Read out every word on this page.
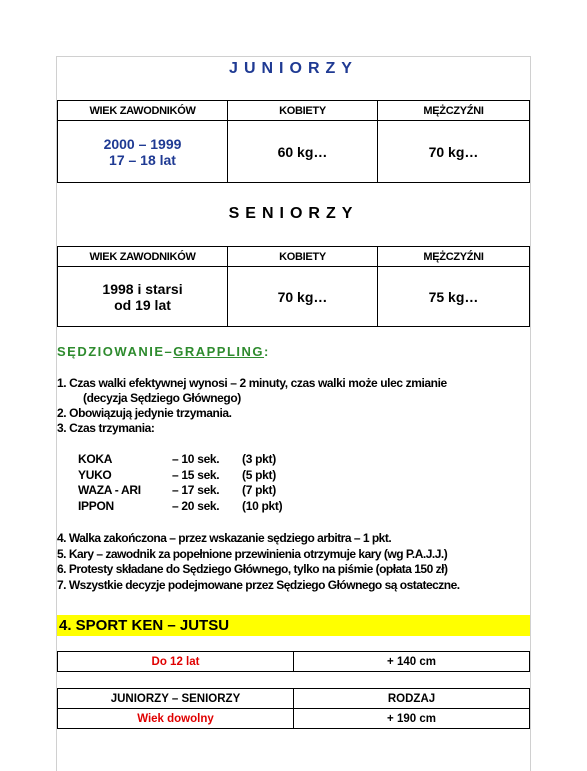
JUNIORZY
WIEK ZAWODNIKÓW	KOBIETY	MĘŻCZYŹNI

2000 – 1999
17 – 18 lat	60 kg…	70 kg…
SENIORZY
WIEK ZAWODNIKÓW	KOBIETY	MĘŻCZYŹNI

1998 i starsi
od 19 lat	70 kg…	75 kg…
SĘDZIOWANIE–GRAPPLING:
1. Czas walki efektywnej wynosi – 2 minuty, czas walki może ulec zmianie
(decyzja Sędziego Głównego)
2. Obowiązują jedynie trzymania.
3. Czas trzymania:
KOKA	– 10 sek.	(3 pkt)
YUKO	– 15 sek.	(5 pkt)
WAZA - ARI	– 17 sek.	(7 pkt)
IPPON	– 20 sek.	(10 pkt)
4. Walka zakończona – przez wskazanie sędziego arbitra – 1 pkt.
5. Kary – zawodnik za popełnione przewinienia otrzymuje kary (wg P.A.J.J.)
6. Protesty składane do Sędziego Głównego, tylko na piśmie (opłata 150 zł)
7. Wszystkie decyzje podejmowane przez Sędziego Głównego są ostateczne.
4. SPORT KEN – JUTSU
Do 12 lat	+ 140 cm
JUNIORZY – SENIORZY	RODZAJ
Wiek dowolny	+ 190 cm
